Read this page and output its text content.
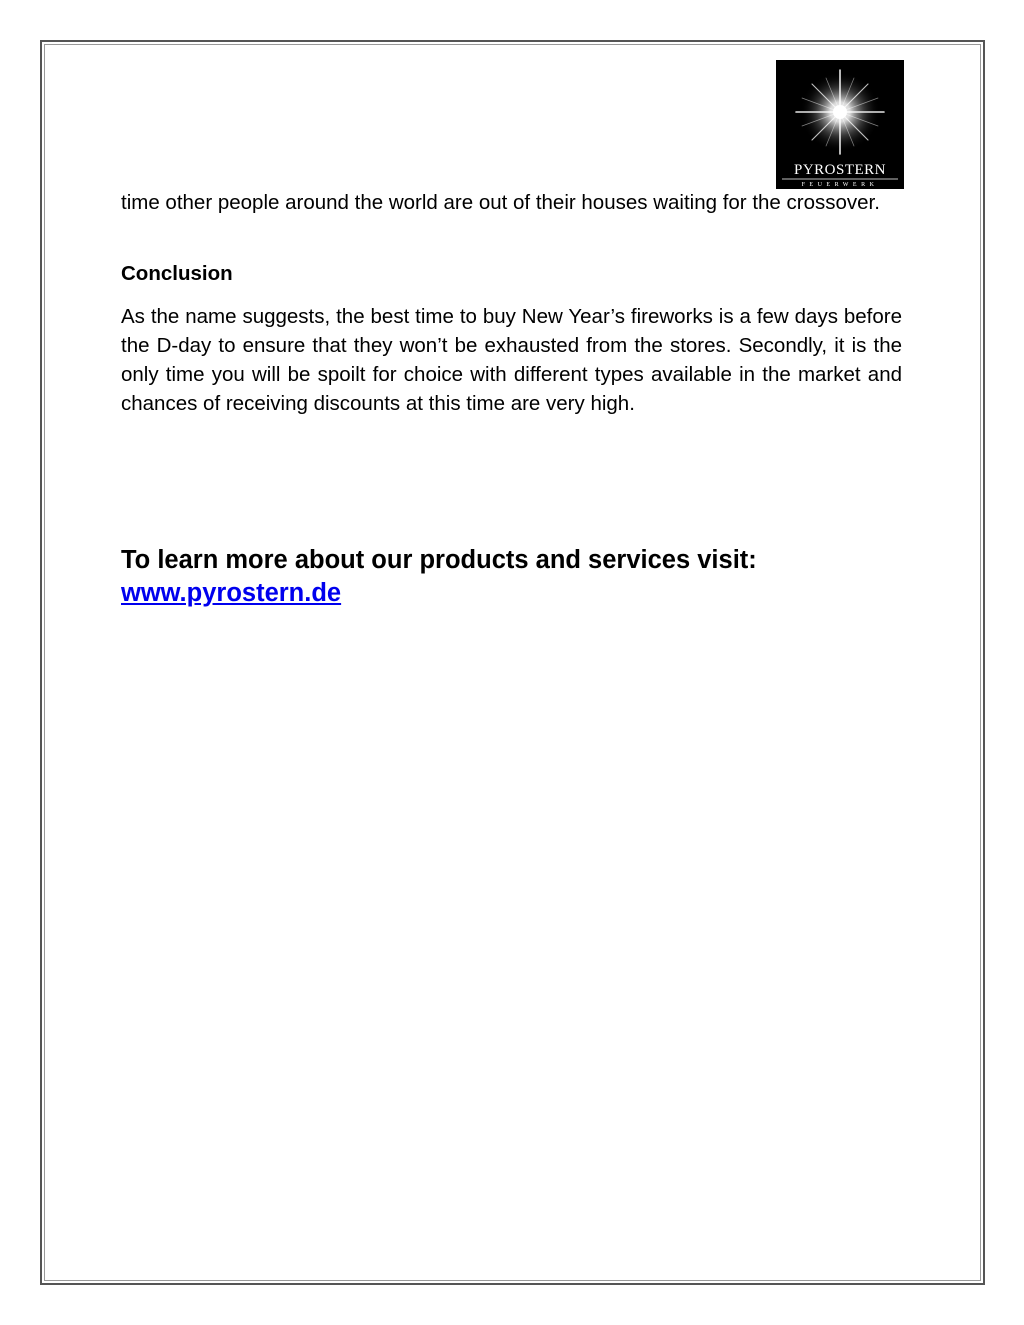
PYROSTERN
FEUERWERK

time other people around the world are out of their houses waiting for the crossover.

Conclusion

As the name suggests, the best time to buy New Year’s fireworks is a few days before the D-day to ensure that they won’t be exhausted from the stores. Secondly, it is the only time you will be spoilt for choice with different types available in the market and chances of receiving discounts at this time are very high.

To learn more about our products and services visit:

www.pyrostern.de
